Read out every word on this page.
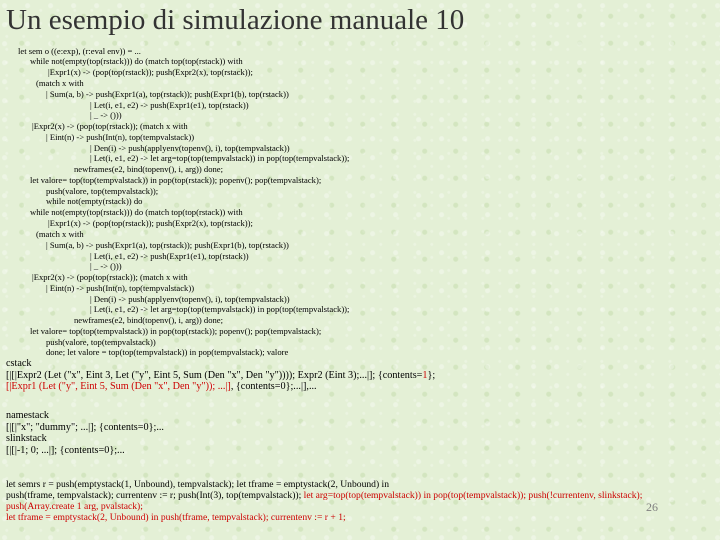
Un esempio di simulazione manuale 10
let sem o ((e:exp), (r:eval env)) = ...
while not(empty(top(rstack))) do (match top(top(rstack)) with
|Expr1(x) -> (pop(top(rstack)); push(Expr2(x), top(rstack));
(match x with
| Sum(a, b) -> push(Expr1(a), top(rstack)); push(Expr1(b), top(rstack))
| Let(i, e1, e2) -> push(Expr1(e1), top(rstack))
| _ -> ()))
|Expr2(x) -> (pop(top(rstack)); (match x with
| Eint(n) -> push(Int(n), top(tempvalstack))
| Den(i) -> push(applyenv(topenv(), i), top(tempvalstack))
| Let(i, e1, e2) -> let arg=top(top(tempvalstack)) in pop(top(tempvalstack));
newframes(e2, bind(topenv(), i, arg)) done;
let valore= top(top(tempvalstack)) in pop(top(rstack)); popenv(); pop(tempvalstack);
push(valore, top(tempvalstack));
while not(empty(rstack)) do
while not(empty(top(rstack))) do (match top(top(rstack)) with
|Expr1(x) -> (pop(top(rstack)); push(Expr2(x), top(rstack));
(match x with
| Sum(a, b) -> push(Expr1(a), top(rstack)); push(Expr1(b), top(rstack))
| Let(i, e1, e2) -> push(Expr1(e1), top(rstack))
| _ -> ()))
|Expr2(x) -> (pop(top(rstack)); (match x with
| Eint(n) -> push(Int(n), top(tempvalstack))
| Den(i) -> push(applyenv(topenv(), i), top(tempvalstack))
| Let(i, e1, e2) -> let arg=top(top(tempvalstack)) in pop(top(tempvalstack));
newframes(e2, bind(topenv(), i, arg)) done;
let valore= top(top(tempvalstack)) in pop(top(rstack)); popenv(); pop(tempvalstack);
push(valore, top(tempvalstack))
done; let valore = top(top(tempvalstack)) in pop(tempvalstack); valore
cstack
[|[|Expr2 (Let ("x", Eint 3, Let ("y", Eint 5, Sum (Den "x", Den "y")))); Expr2 (Eint 3);...|]; {contents=1};
[|Expr1 (Let ("y", Eint 5, Sum (Den "x", Den "y")); ...|], {contents=0};...|],...
namestack
[|[|"x"; "dummy"; ...|]; {contents=0};...
slinkstack
[|[|-1; 0; ...|]; {contents=0};...
let semrs r = push(emptystack(1, Unbound), tempvalstack); let tframe = emptystack(2, Unbound) in
push(tframe, tempvalstack); currentenv := r; push(Int(3), top(tempvalstack)); let arg=top(top(tempvalstack)) in pop(top(tempvalstack)); push(!currentenv, slinkstack);
push(Array.create 1 arg, pvalstack);
let tframe = emptystack(2, Unbound) in push(tframe, tempvalstack); currentenv := r + 1;
26
